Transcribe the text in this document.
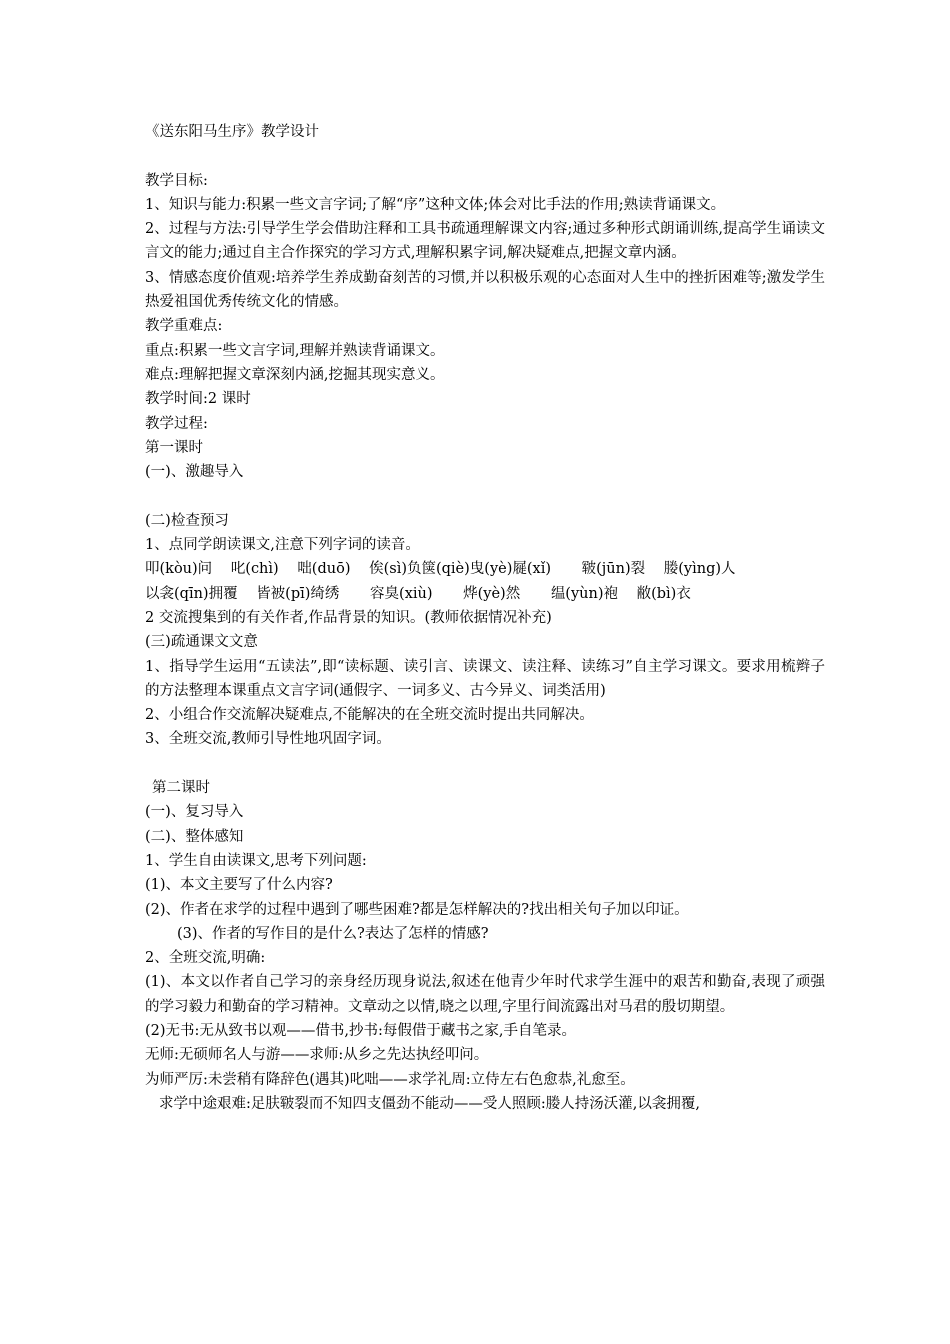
《送东阳马生序》教学设计
教学目标:
1、知识与能力:积累一些文言字词;了解“序”这种文体;体会对比手法的作用;熟读背诵课文。
2、过程与方法:引导学生学会借助注释和工具书疏通理解课文内容;通过多种形式朗诵训练,提高学生诵读文言文的能力;通过自主合作探究的学习方式,理解积累字词,解决疑难点,把握文章内涵。
3、情感态度价值观:培养学生养成勤奋刻苦的习惯,并以积极乐观的心态面对人生中的挫折困难等;激发学生热爱祖国优秀传统文化的情感。
教学重难点:
重点:积累一些文言字词,理解并熟读背诵课文。
难点:理解把握文章深刻内涵,挖掘其现实意义。
教学时间:2 课时
教学过程:
第一课时
(一)、激趣导入
(二)检查预习
1、点同学朗读课文,注意下列字词的读音。
叩(kòu)问 叱(chì) 咄(duō) 俟(sì)负箧(qiè)曳(yè)屣(xǐ) 皲(jūn)裂 媵(yìng)人
以衾(qīn)拥覆 皆被(pī)绮绣 容臭(xiù) 烨(yè)然 缊(yùn)袍 敝(bì)衣
2 交流搜集到的有关作者,作品背景的知识。(教师依据情况补充)
(三)疏通课文文意
1、指导学生运用“五读法”,即“读标题、读引言、读课文、读注释、读练习”自主学习课文。要求用梳辫子的方法整理本课重点文言字词(通假字、一词多义、古今异义、词类活用)
2、小组合作交流解决疑难点,不能解决的在全班交流时提出共同解决。
3、全班交流,教师引导性地巩固字词。
第二课时
(一)、复习导入
(二)、整体感知
1、学生自由读课文,思考下列问题:
(1)、本文主要写了什么内容?
(2)、作者在求学的过程中遇到了哪些困难?都是怎样解决的?找出相关句子加以印证。
(3)、作者的写作目的是什么?表达了怎样的情感?
2、全班交流,明确:
(1)、本文以作者自己学习的亲身经历现身说法,叙述在他青少年时代求学生涯中的艰苦和勤奋,表现了顽强的学习毅力和勤奋的学习精神。文章动之以情,晓之以理,字里行间流露出对马君的殷切期望。
(2)无书:无从致书以观——借书,抄书:每假借于藏书之家,手自笔录。
无师:无硕师名人与游——求师:从乡之先达执经叩问。
为师严厉:未尝稍有降辞色(遇其)叱咄——求学礼周:立侍左右色愈恭,礼愈至。
求学中途艰难:足肤皲裂而不知四支僵劲不能动——受人照顾:媵人持汤沃灌,以衾拥覆,
